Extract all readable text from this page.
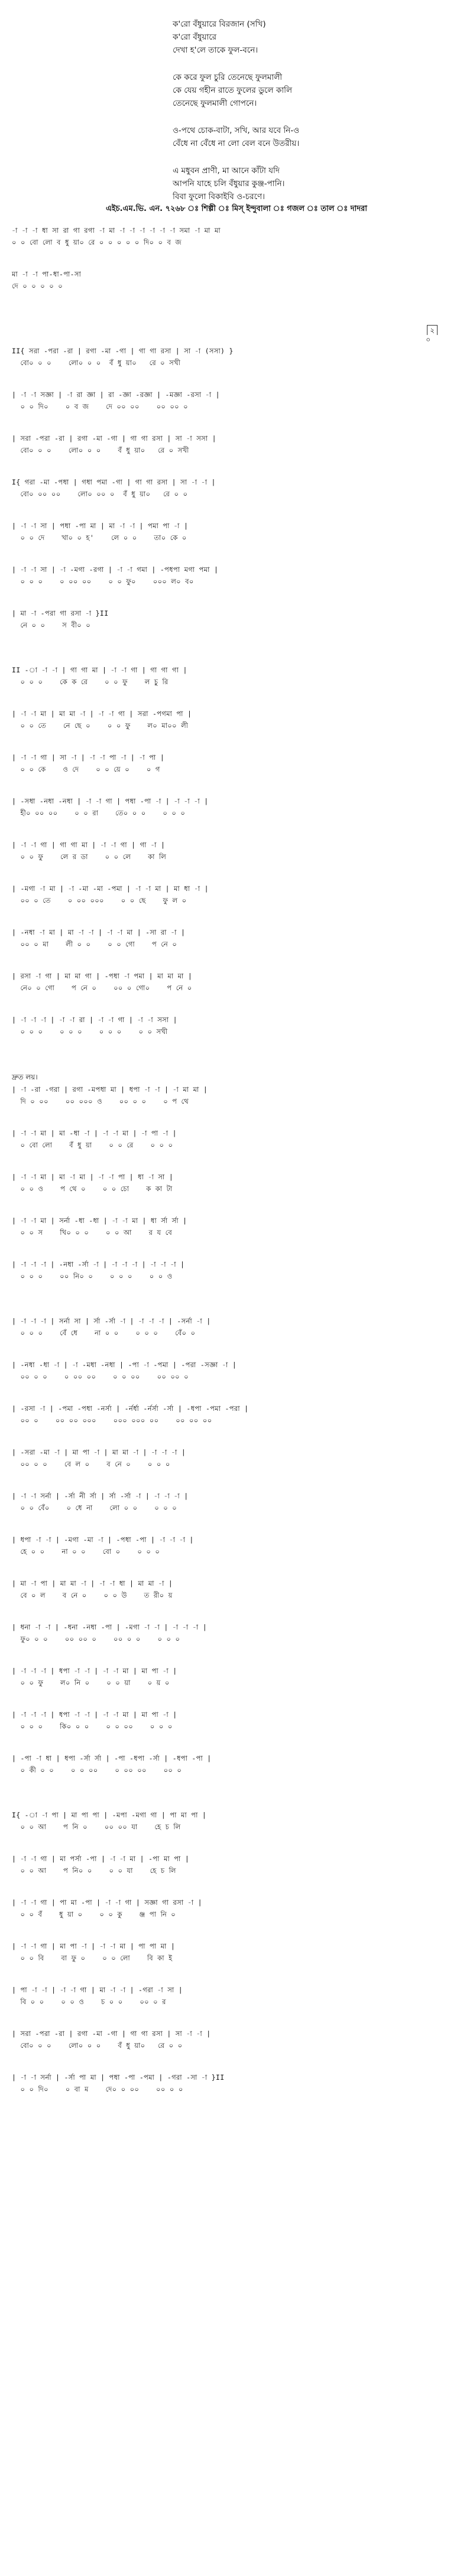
ক'রো বঁধুয়ারে বিরজান (সখি)
ক'রো বঁধুয়ারে
দেখা হ'লে তাকে ফুল-বনে।
কে করে ফুল চুরি তেনেছে ফুলমালী
কে যেয় গহীন রাতে ফুলের ডুলে কালি
তেনেছে ফুলমালী গোপনে।
ও-পথে চোক-বাটা, সখি, আর যবে নি-ও
বেঁধে না বেঁধে না লো বেল বনে উতরীয়।
এ মধুবন প্রাণী, মা আনে কাঁটা যদি
আপনি যাহে চলি বঁধুয়ার কুঞ্জ-পানি।
বিবা ফুলো বিকাইবি ও-চরণে।
এইচ.এম.ভি. এন. ৭২৬৮ ঃ শিল্পী ঃ মিস্ ইন্দুবালা ঃ গজল ঃ তাল ঃ দাদরা
-া -া -া ধা সা রা গা রগা -া মা -া -া -া -া -া -া সমা -া মা মা
০ ০ বো লো ব ধু য়া০ রে ০ ০ ০ ০ ০ দি০ ০ ব জ
মা -া -া পা-ধা-পা-সা
দে ০ ০ ০ ০ ০
২
০
II{ সরা -পরা -রা | রগা -মা -গা | গা গা রসা | সা -া (সসা) }
বো০ ০ ০    লো০ ০ ০  বঁ ধু য়া০   রে ০ সখী
| -া -া সজ্ঞা | -া রা জ্ঞা | রা -জ্ঞা -রজ্ঞা | -মজ্ঞা -রসা -া |
০ ০ দি০    ০ ব জ    দে ০০ ০০    ০০ ০০ ০
| সরা -পরা -রা | রগা -মা -গা | গা গা রসা | সা -া সসা |
বো০ ০ ০    লো০ ০ ০    বঁ ধু য়া০   রে ০ সখী
I{ গরা -মা -পধা | গধা পমা -গা | গা গা রসা | সা -া -া |
বো০ ০০ ০০    লো০ ০০ ০  বঁ ধু য়া০   রে ০ ০
| -া -া সা | পধা -পা মা | মা -া -া | পমা পা -া |
০ ০ দে    খা০ ০ হ'    লে ০ ০    তা০ কে ০
| -া -া সা | -া -মগা -রগা | -া -া গমা | -পধপা মগা পমা |
০ ০ ০    ০ ০০ ০০    ০ ০ ফু০    ০০০ ল০ ব০
| মা -া -পরা গা রসা -া }II
নে ০ ০    স বী০ ০
II -া -া -া | গা গা মা | -া -া গা | গা গা গা |
০ ০ ০    কে ক রে    ০ ০ ফু    ল চু রি
| -া -া মা | মা মা -া | -া -া গা | সরা -পগমা পা |
০ ০ তে    নে ছে ০    ০ ০ ফু    ল০ মা০০ লী
| -া -া গা | সা -া | -া -া পা -া | -া পা |
০ ০ কে    ও দে    ০ ০ য়ে ০    ০ গ
| -সধা -নধা -নধা | -া -া গা | পধা -পা -া | -া -া -া |
হী০ ০০ ০০    ০ ০ রা    তে০ ০ ০    ০ ০ ০
| -া -া গা | গা গা মা | -া -া গা | গা -া |
০ ০ ফু    লে র ডা    ০ ০ লে    কা লি
| -মগা -া মা | -া -মা -মা -পমা | -া -া মা | মা ধা -া |
০০ ০ তে    ০ ০০ ০০০    ০ ০ ছে    ফু ল ০
| -নধা -া মা | মা -া -া | -া -া মা | -সা রা -া |
০০ ০ মা    লী ০ ০    ০ ০ গো    প নে ০
| রসা -া গা | মা মা গা | -পধা -া পমা | মা মা মা |
নে০ ০ গো    প নে ০    ০০ ০ গো০    প নে ০
| -া -া -া | -া -া রা | -া -া গা | -া -া সসা |
০ ০ ০    ০ ০ ০    ০ ০ ০    ০ ০ সখী
দ্রুত লয়।
| -া -রা -গরা | রগা -মপধা মা | ধপা -া -া | -া মা মা |
দি ০ ০০    ০০ ০০০ ও    ০০ ০ ০    ০ প থে
| -া -া মা | মা -ধা -া | -া -া মা | -া পা -া |
০ বো লো    বঁ ধু য়া    ০ ০ রে    ০ ০ ০
| -া -া মা | মা -া মা | -া -া পা | ধা -া সা |
০ ০ ও    প থে ০    ০ ০ চো    ক কা টা
| -া -া মা | সর্না -ধা -ধা | -া -া মা | ধা র্সা র্সা |
০ ০ স    খি০ ০ ০    ০ ০ আ    র য বে
| -া -া -া | -নধা -র্সা -া | -া -া -া | -া -া -া |
০ ০ ০    ০০ নি০ ০    ০ ০ ০    ০ ০ ও
| -া -া -া | সর্না সা | র্সা -র্সা -া | -া -া -া | -সর্না -া |
০ ০ ০    বেঁ ধে    না ০ ০    ০ ০ ০    বেঁ০ ০
| -নধা -ধা -া | -া -মধা -নধা | -পা -া -পমা | -পরা -সজ্ঞা -া |
০০ ০ ০    ০ ০০ ০০    ০ ০ ০০    ০০ ০০ ০
| -রসা -া | -পমা -পধা -নর্সা | -র্নর্ধা -র্নর্সা -র্সা | -ধপা -পমা -পরা |
০০ ০    ০০ ০০ ০০০    ০০০ ০০০ ০০    ০০ ০০ ০০
| -সরা -মা -া | মা পা -া | মা মা -া | -া -া -া |
০০ ০ ০    বে ল ০    ব নে ০    ০ ০ ০
| -া -া সর্না | -র্সা নী র্সা | র্সা -র্সা -া | -া -া -া |
০ ০ বেঁ০    ০ ধে না    লো ০ ০    ০ ০ ০
| ধপা -া -া | -মগা -মা -া | -পধা -পা | -া -া -া |
হে ০ ০    না ০ ০    বো ০    ০ ০ ০
| মা -া পা | মা মা -া | -া -া ধা | মা মা -া |
বে ০ ল    ব নে ০    ০ ০ উ    ত রী০ য়
| ধনা -া -া | -ধনা -নধা -পা | -মগা -া -া | -া -া -া |
ফু০ ০ ০    ০০ ০০ ০    ০০ ০ ০    ০ ০ ০
| -া -া -া | ধপা -া -া | -া -া মা | মা পা -া |
০ ০ ফু    ল০ নি ০    ০ ০ য়া    ০ য় ০
| -া -া -া | ধপা -া -া | -া -া মা | মা পা -া |
০ ০ ০    কি০ ০ ০    ০ ০ ০০    ০ ০ ০
| -পা -া ধা | ধপা -র্সা র্সা | -পা -ধপা -র্সা | -ধপা -পা |
০ কী ০ ০    ০ ০ ০০    ০ ০০ ০০    ০০ ০
I{ -া -া পা | মা পা পা | -মপা -মগা গা | পা মা পা |
০ ০ আ    প নি ০    ০০ ০০ যা    হে চ লি
| -া -া গা | মা পর্সা -পা | -া -া মা | -পা মা পা |
০ ০ আ    প নি০ ০    ০ ০ যা    হে চ লি
| -া -া গা | পা মা -পা | -া -া গা | সজ্ঞা গা রসা -া |
০ ০ বঁ    ধু য়া ০    ০ ০ কু    ঞ্জ পা নি ০
| -া -া গা | মা পা -া | -া -া মা | পা পা মা |
০ ০ বি    বা ফু ০    ০ ০ লো    বি কা ই
| পা -া -া | -া -া গা | মা -া -া | -গরা -া সা |
বি ০ ০    ০ ০ ও    চ ০ ০    ০০ ০ র
| সরা -পরা -রা | রগা -মা -গা | গা গা রসা | সা -া -া |
বো০ ০ ০    লো০ ০ ০    বঁ ধু য়া০   রে ০ ০
| -া -া সর্না | -র্সা পা মা | পধা -পা -পমা | -গরা -সা -া }II
০ ০ দি০    ০ বা ম    দে০ ০ ০০    ০০ ০ ০
